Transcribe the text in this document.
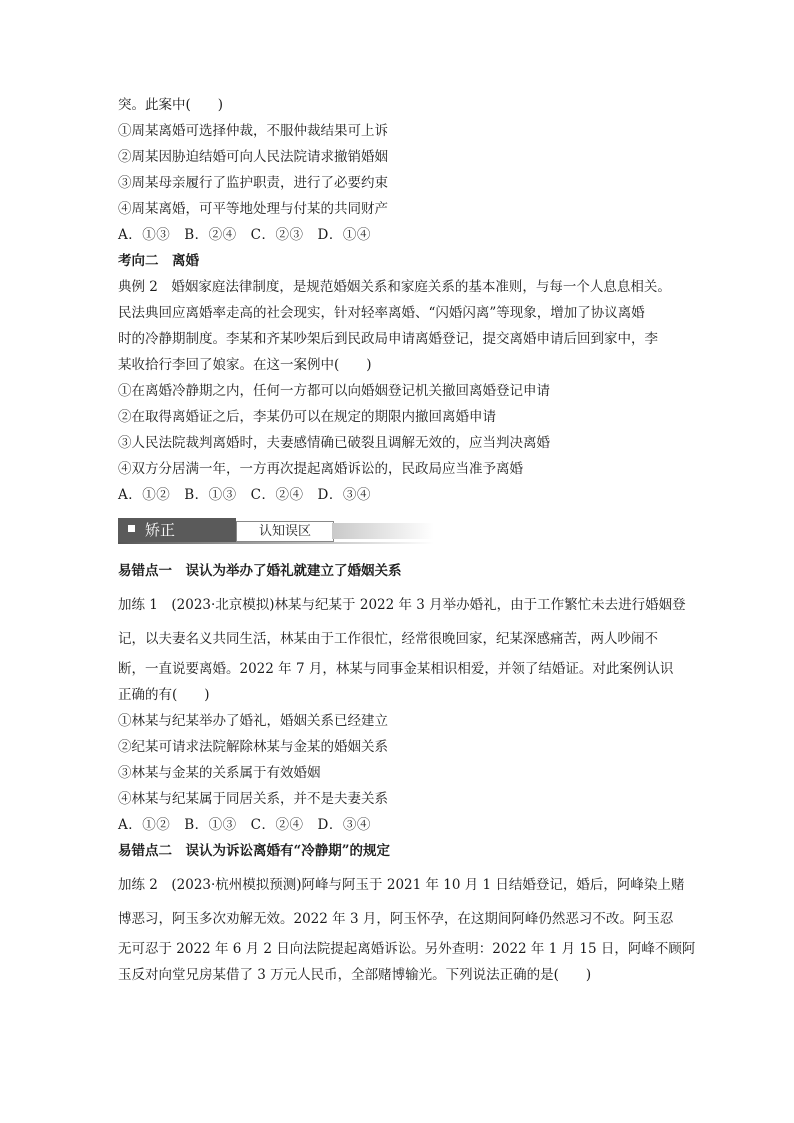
突。此案中(　　)
①周某离婚可选择仲裁，不服仲裁结果可上诉
②周某因胁迫结婚可向人民法院请求撤销婚姻
③周某母亲履行了监护职责，进行了必要约束
④周某离婚，可平等地处理与付某的共同财产
A．①③　B．②④　C．②③　D．①④
考向二　离婚
典例 2　婚姻家庭法律制度，是规范婚姻关系和家庭关系的基本准则，与每一个人息息相关。
民法典回应离婚率走高的社会现实，针对轻率离婚、“闪婚闪离”等现象，增加了协议离婚
时的冷静期制度。李某和齐某吵架后到民政局申请离婚登记，提交离婚申请后回到家中，李
某收拾行李回了娘家。在这一案例中(　　)
①在离婚冷静期之内，任何一方都可以向婚姻登记机关撤回离婚登记申请
②在取得离婚证之后，李某仍可以在规定的期限内撤回离婚申请
③人民法院裁判离婚时，夫妻感情确已破裂且调解无效的，应当判决离婚
④双方分居满一年，一方再次提起离婚诉讼的，民政局应当准予离婚
A．①②　B．①③　C．②④　D．③④
矫正	认知误区
易错点一　误认为举办了婚礼就建立了婚姻关系
加练 1　(2023·北京模拟)林某与纪某于 2022 年 3 月举办婚礼，由于工作繁忙未去进行婚姻登
记，以夫妻名义共同生活，林某由于工作很忙，经常很晚回家，纪某深感痛苦，两人吵闹不
断，一直说要离婚。2022 年 7 月，林某与同事金某相识相爱，并领了结婚证。对此案例认识
正确的有(　　)
①林某与纪某举办了婚礼，婚姻关系已经建立
②纪某可请求法院解除林某与金某的婚姻关系
③林某与金某的关系属于有效婚姻
④林某与纪某属于同居关系，并不是夫妻关系
A．①②　B．①③　C．②④　D．③④
易错点二　误认为诉讼离婚有“冷静期”的规定
加练 2　(2023·杭州模拟预测)阿峰与阿玉于 2021 年 10 月 1 日结婚登记，婚后，阿峰染上赌
博恶习，阿玉多次劝解无效。2022 年 3 月，阿玉怀孕，在这期间阿峰仍然恶习不改。阿玉忍
无可忍于 2022 年 6 月 2 日向法院提起离婚诉讼。另外查明：2022 年 1 月 15 日，阿峰不顾阿
玉反对向堂兄房某借了 3 万元人民币，全部赌博输光。下列说法正确的是(　　)
